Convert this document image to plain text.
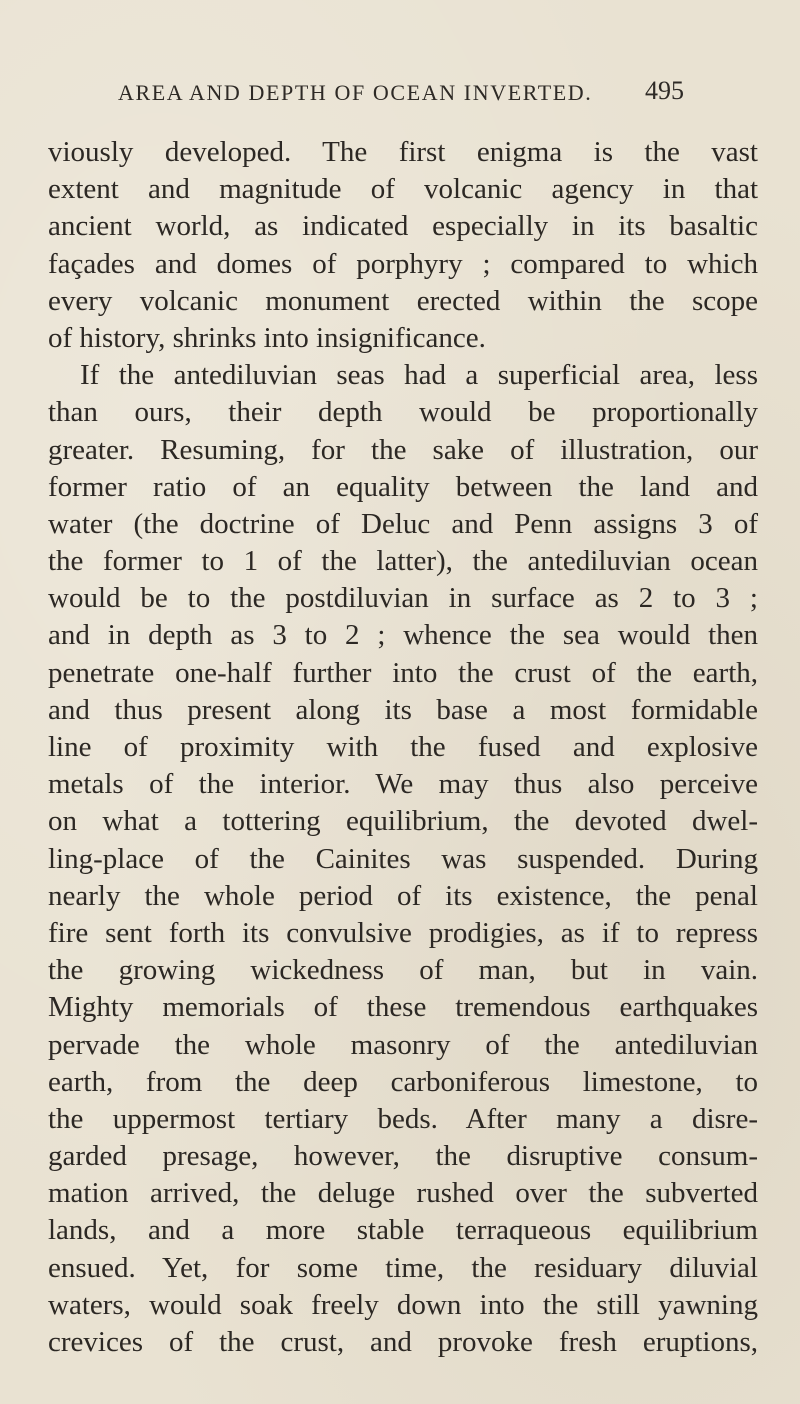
AREA AND DEPTH OF OCEAN INVERTED.	495
viously developed. The first enigma is the vast
extent and magnitude of volcanic agency in that
ancient world, as indicated especially in its basaltic
façades and domes of porphyry ; compared to which
every volcanic monument erected within the scope
of history, shrinks into insignificance.
If the antediluvian seas had a superficial area, less
than ours, their depth would be proportionally
greater. Resuming, for the sake of illustration, our
former ratio of an equality between the land and
water (the doctrine of Deluc and Penn assigns 3 of
the former to 1 of the latter), the antediluvian ocean
would be to the postdiluvian in surface as 2 to 3 ;
and in depth as 3 to 2 ; whence the sea would then
penetrate one-half further into the crust of the earth,
and thus present along its base a most formidable
line of proximity with the fused and explosive
metals of the interior. We may thus also perceive
on what a tottering equilibrium, the devoted dwel-
ling-place of the Cainites was suspended. During
nearly the whole period of its existence, the penal
fire sent forth its convulsive prodigies, as if to repress
the growing wickedness of man, but in vain.
Mighty memorials of these tremendous earthquakes
pervade the whole masonry of the antediluvian
earth, from the deep carboniferous limestone, to
the uppermost tertiary beds. After many a disre-
garded presage, however, the disruptive consum-
mation arrived, the deluge rushed over the subverted
lands, and a more stable terraqueous equilibrium
ensued. Yet, for some time, the residuary diluvial
waters, would soak freely down into the still yawning
crevices of the crust, and provoke fresh eruptions,
